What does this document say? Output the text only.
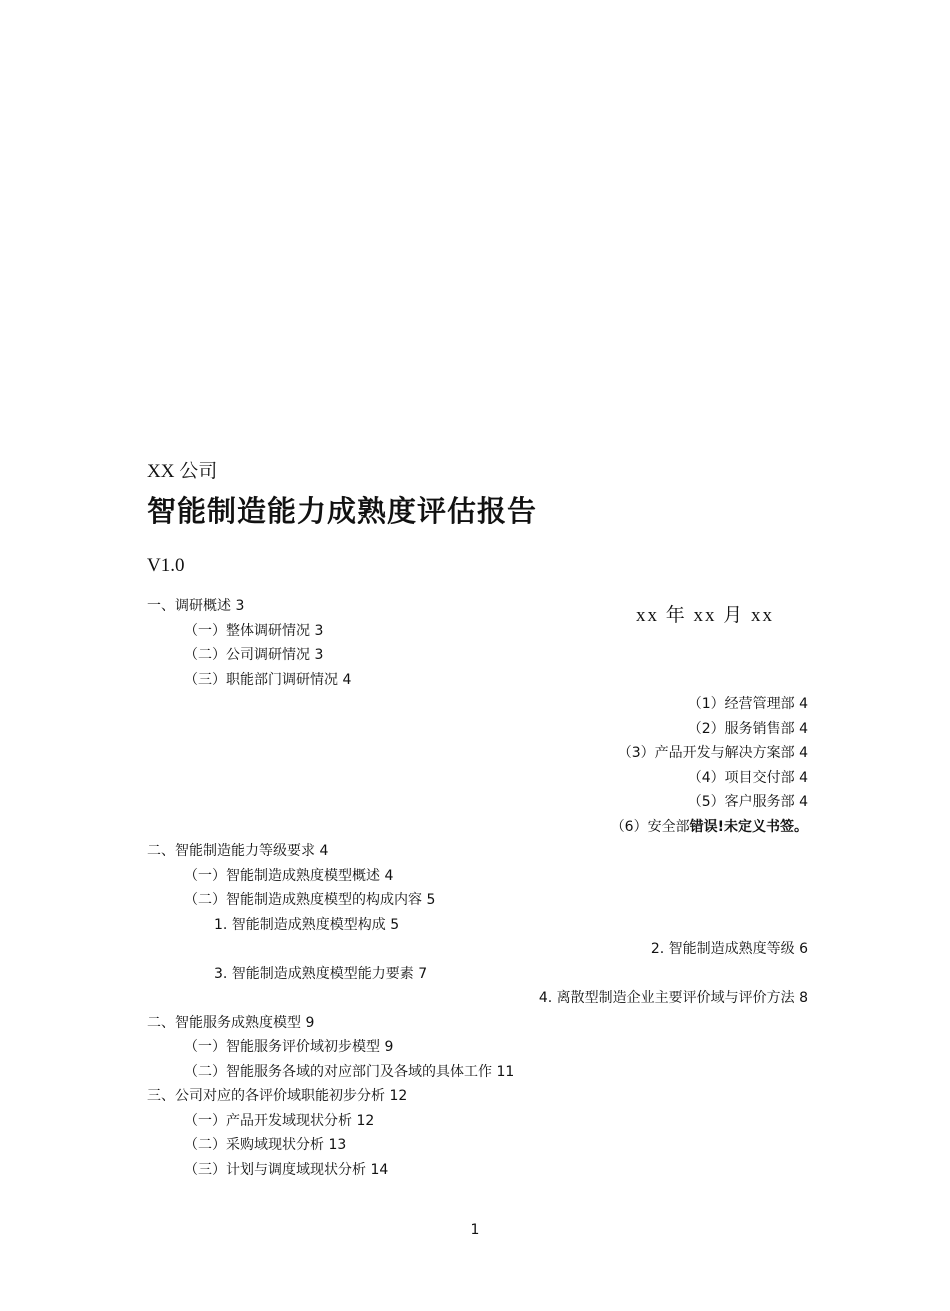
XX 公司
智能制造能力成熟度评估报告
V1.0
xx 年 xx 月 xx
一、调研概述 3
（一）整体调研情况 3
（二）公司调研情况 3
（三）职能部门调研情况 4
（1）经营管理部 4
（2）服务销售部 4
（3）产品开发与解决方案部 4
（4）项目交付部 4
（5）客户服务部 4
（6）安全部错误!未定义书签。
二、智能制造能力等级要求 4
（一）智能制造成熟度模型概述 4
（二）智能制造成熟度模型的构成内容 5
1. 智能制造成熟度模型构成 5
2. 智能制造成熟度等级 6
3. 智能制造成熟度模型能力要素 7
4. 离散型制造企业主要评价域与评价方法 8
二、智能服务成熟度模型 9
（一）智能服务评价域初步模型 9
（二）智能服务各域的对应部门及各域的具体工作 11
三、公司对应的各评价域职能初步分析 12
（一）产品开发域现状分析 12
（二）采购域现状分析 13
（三）计划与调度域现状分析 14
1
